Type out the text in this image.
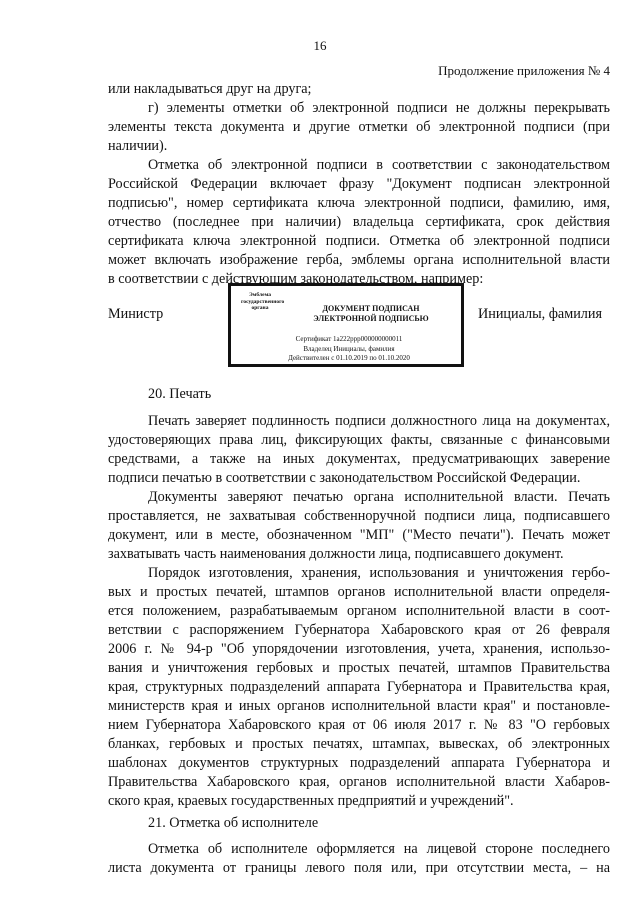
16
Продолжение приложения № 4
или накладываться друг на друга;
г) элементы отметки об электронной подписи не должны перекрывать
элементы текста документа и другие отметки об электронной подписи (при
наличии).
Отметка об электронной подписи в соответствии с законодательством
Российской Федерации включает фразу "Документ подписан электронной
подписью", номер сертификата ключа электронной подписи, фамилию, имя,
отчество (последнее при наличии) владельца сертификата, срок действия
сертификата ключа электронной подписи. Отметка об электронной подписи
может включать изображение герба, эмблемы органа исполнительной власти
в соответствии с действующим законодательством, например:
Министр
Эмблема государственного органа	ДОКУМЕНТ ПОДПИСАН
ЭЛЕКТРОННОЙ ПОДПИСЬЮ
Сертификат 1a222ppp000000000011
Владелец Инициалы, фамилия
Действителен с 01.10.2019 по 01.10.2020
Инициалы, фамилия
20. Печать
Печать заверяет подлинность подписи должностного лица на документах,
удостоверяющих права лиц, фиксирующих факты, связанные с финансовыми
средствами, а также на иных документах, предусматривающих заверение
подписи печатью в соответствии с законодательством Российской Федерации.
Документы заверяют печатью органа исполнительной власти. Печать
проставляется, не захватывая собственноручной подписи лица, подписавшего
документ, или в месте, обозначенном "МП" ("Место печати"). Печать может
захватывать часть наименования должности лица, подписавшего документ.
Порядок изготовления, хранения, использования и уничтожения гербо-
вых и простых печатей, штампов органов исполнительной власти определя-
ется положением, разрабатываемым органом исполнительной власти в соот-
ветствии с распоряжением Губернатора Хабаровского края от 26 февраля
2006 г. № 94-р "Об упорядочении изготовления, учета, хранения, использо-
вания и уничтожения гербовых и простых печатей, штампов Правительства
края, структурных подразделений аппарата Губернатора и Правительства края,
министерств края и иных органов исполнительной власти края" и постановле-
нием Губернатора Хабаровского края от 06 июля 2017 г. № 83 "О гербовых
бланках, гербовых и простых печатях, штампах, вывесках, об электронных
шаблонах документов структурных подразделений аппарата Губернатора и
Правительства Хабаровского края, органов исполнительной власти Хабаров-
ского края, краевых государственных предприятий и учреждений".
21. Отметка об исполнителе
Отметка об исполнителе оформляется на лицевой стороне последнего
листа документа от границы левого поля или, при отсутствии места, – на
